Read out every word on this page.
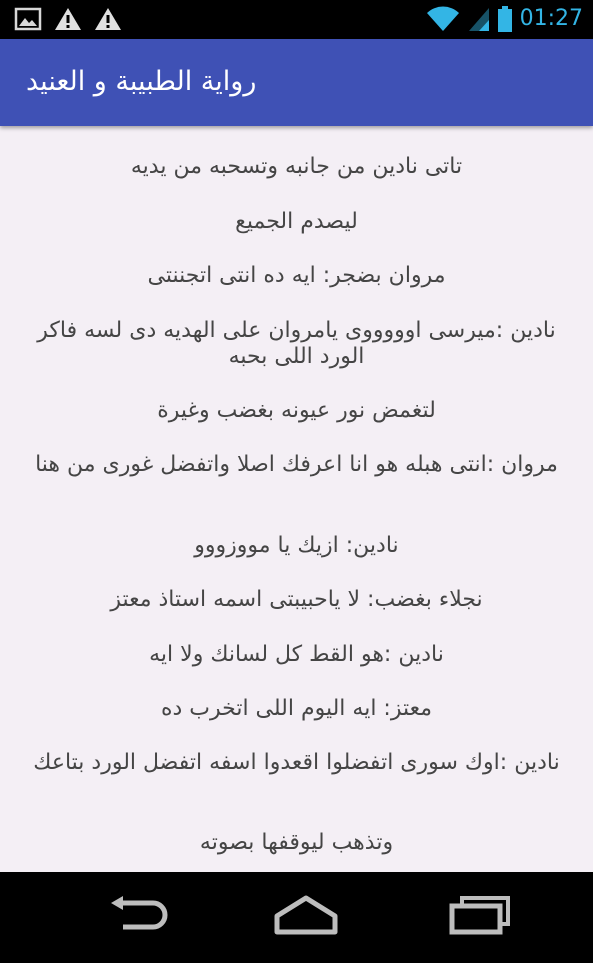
01:27
رواية الطبيبة و العنيد
تاتى نادين من جانبه وتسحبه من يديه
ليصدم الجميع
مروان بضجر: ايه ده انتى اتجننتى
نادين :ميرسى اوووووى يامروان على الهديه دى لسه فاكر الورد اللى بحبه
لتغمض نور عيونه بغضب وغيرة
مروان :انتى هبله هو انا اعرفك اصلا واتفضل غورى من هنا
نادين: ازيك يا مووزووو
نجلاء بغضب: لا ياحبيبتى اسمه استاذ معتز
نادين :هو القط كل لسانك ولا ايه
معتز: ايه اليوم اللى اتخرب ده
نادين :اوك سورى اتفضلوا اقعدوا اسفه اتفضل الورد بتاعك
وتذهب ليوقفها بصوته
